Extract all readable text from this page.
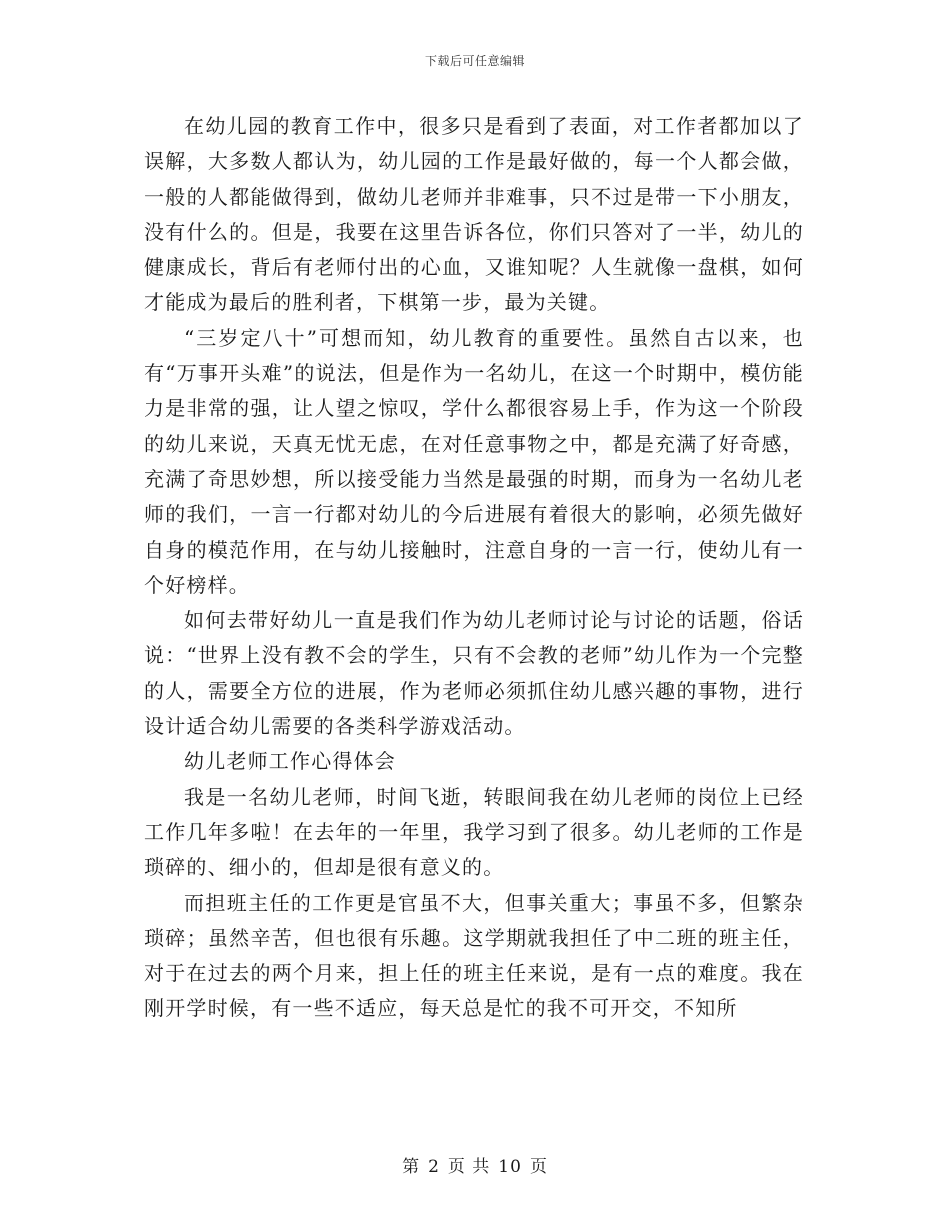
下载后可任意编辑

在幼儿园的教育工作中，很多只是看到了表面，对工作者都加以了误解，大多数人都认为，幼儿园的工作是最好做的，每一个人都会做，一般的人都能做得到，做幼儿老师并非难事，只不过是带一下小朋友，没有什么的。但是，我要在这里告诉各位，你们只答对了一半，幼儿的健康成长，背后有老师付出的心血，又谁知呢？人生就像一盘棋，如何才能成为最后的胜利者，下棋第一步，最为关键。

“三岁定八十”可想而知，幼儿教育的重要性。虽然自古以来，也有“万事开头难”的说法，但是作为一名幼儿，在这一个时期中，模仿能力是非常的强，让人望之惊叹，学什么都很容易上手，作为这一个阶段的幼儿来说，天真无忧无虑，在对任意事物之中，都是充满了好奇感，充满了奇思妙想，所以接受能力当然是最强的时期，而身为一名幼儿老师的我们，一言一行都对幼儿的今后进展有着很大的影响，必须先做好自身的模范作用，在与幼儿接触时，注意自身的一言一行，使幼儿有一个好榜样。

如何去带好幼儿一直是我们作为幼儿老师讨论与讨论的话题，俗话说：“世界上没有教不会的学生，只有不会教的老师”幼儿作为一个完整的人，需要全方位的进展，作为老师必须抓住幼儿感兴趣的事物，进行设计适合幼儿需要的各类科学游戏活动。

幼儿老师工作心得体会

我是一名幼儿老师，时间飞逝，转眼间我在幼儿老师的岗位上已经工作几年多啦！在去年的一年里，我学习到了很多。幼儿老师的工作是琐碎的、细小的，但却是很有意义的。

而担班主任的工作更是官虽不大，但事关重大；事虽不多，但繁杂琐碎；虽然辛苦，但也很有乐趣。这学期就我担任了中二班的班主任，对于在过去的两个月来，担上任的班主任来说，是有一点的难度。我在刚开学时候，有一些不适应，每天总是忙的我不可开交，不知所

第 2 页 共 10 页
